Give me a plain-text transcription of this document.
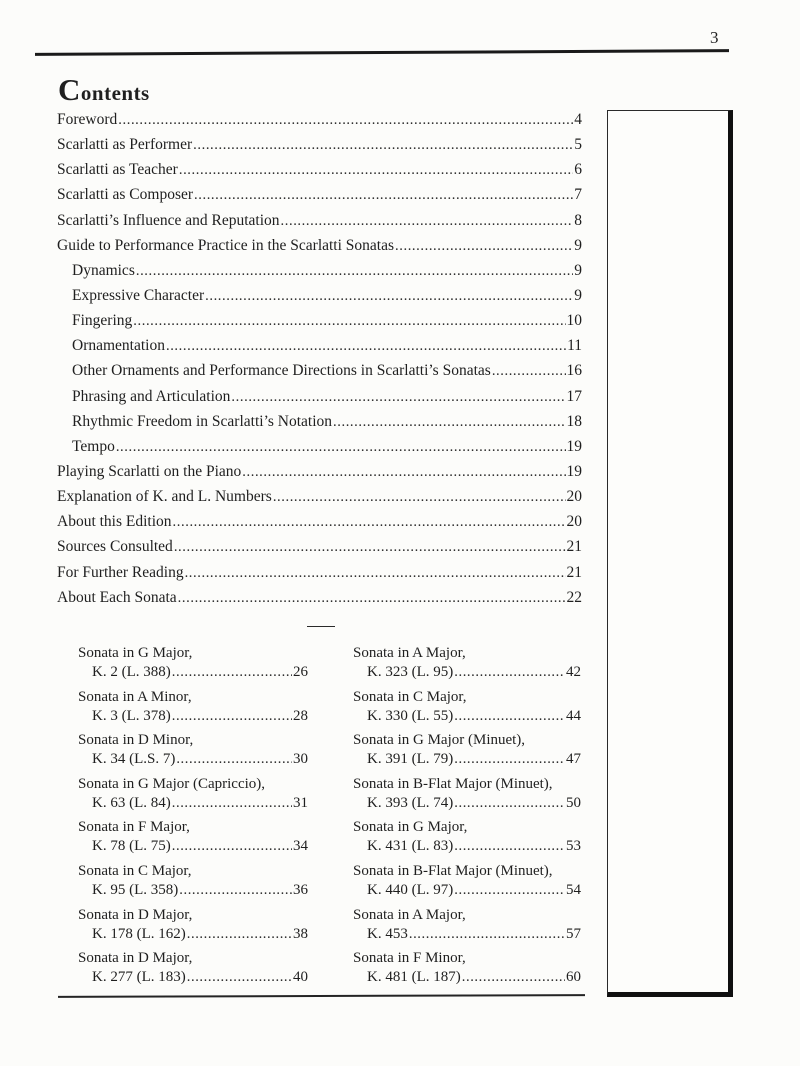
3
Contents
Foreword .....	4
Scarlatti as Performer .....	5
Scarlatti as Teacher .....	6
Scarlatti as Composer .....	7
Scarlatti’s Influence and Reputation .....	8
Guide to Performance Practice in the Scarlatti Sonatas .....	9
Dynamics .....	9
Expressive Character .....	9
Fingering .....	10
Ornamentation .....	11
Other Ornaments and Performance Directions in Scarlatti’s Sonatas .....	16
Phrasing and Articulation .....	17
Rhythmic Freedom in Scarlatti’s Notation .....	18
Tempo .....	19
Playing Scarlatti on the Piano .....	19
Explanation of K. and L. Numbers .....	20
About this Edition .....	20
Sources Consulted .....	21
For Further Reading .....	21
About Each Sonata .....	22
Sonata in G Major,
K. 2 (L. 388) .....	26
Sonata in A Minor,
K. 3 (L. 378) .....	28
Sonata in D Minor,
K. 34 (L.S. 7) .....	30
Sonata in G Major (Capriccio),
K. 63 (L. 84) .....	31
Sonata in F Major,
K. 78 (L. 75) .....	34
Sonata in C Major,
K. 95 (L. 358) .....	36
Sonata in D Major,
K. 178 (L. 162) .....	38
Sonata in D Major,
K. 277 (L. 183) .....	40
Sonata in A Major,
K. 323 (L. 95) .....	42
Sonata in C Major,
K. 330 (L. 55) .....	44
Sonata in G Major (Minuet),
K. 391 (L. 79) .....	47
Sonata in B-Flat Major (Minuet),
K. 393 (L. 74) .....	50
Sonata in G Major,
K. 431 (L. 83) .....	53
Sonata in B-Flat Major (Minuet),
K. 440 (L. 97) .....	54
Sonata in A Major,
K. 453 .....	57
Sonata in F Minor,
K. 481 (L. 187) .....	60
